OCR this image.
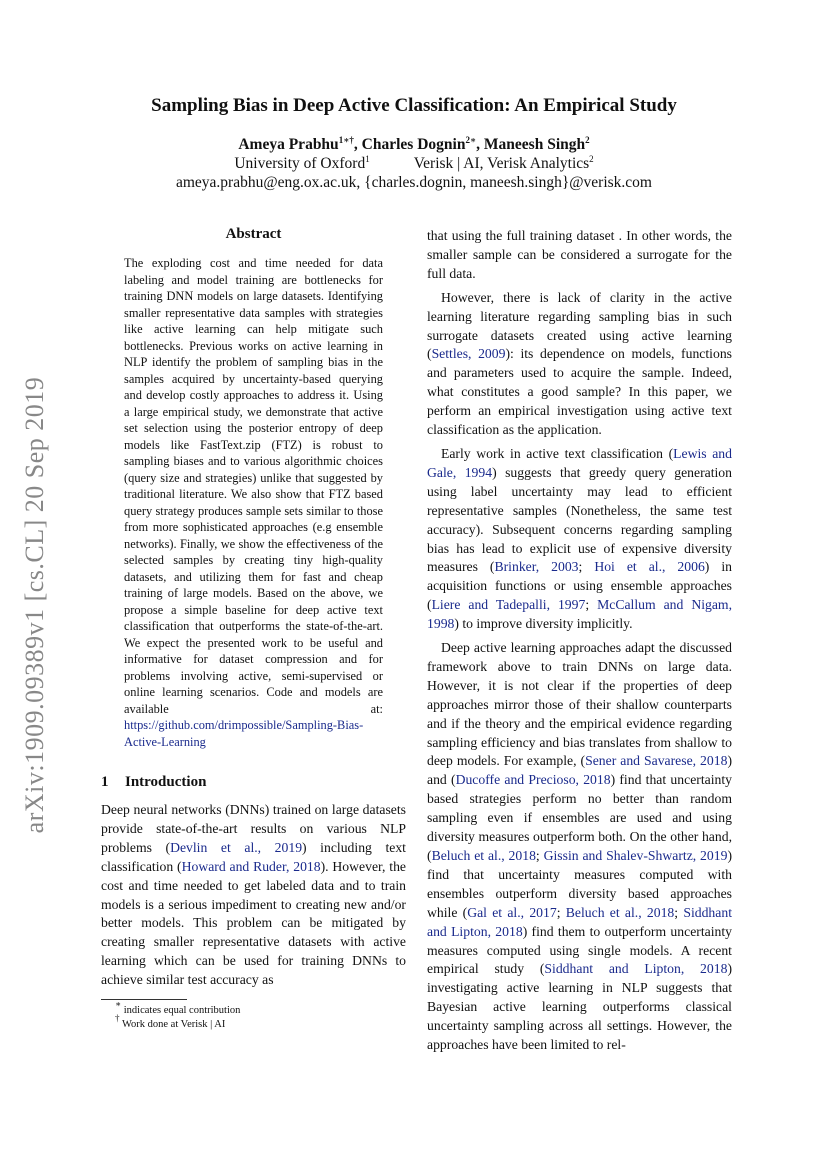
arXiv:1909.09389v1 [cs.CL] 20 Sep 2019
Sampling Bias in Deep Active Classification: An Empirical Study
Ameya Prabhu$^{1∗\dagger}$, Charles Dognin$^{2∗}$, Maneesh Singh$^2$
University of Oxford$^1$	Verisk | AI, Verisk Analytics$^2$
ameya.prabhu@eng.ox.ac.uk, {charles.dognin, maneesh.singh}@verisk.com
Abstract

The exploding cost and time needed for data labeling and model training are bottlenecks for training DNN models on large datasets. Identifying smaller representative data samples with strategies like active learning can help mitigate such bottlenecks. Previous works on active learning in NLP identify the problem of sampling bias in the samples acquired by uncertainty-based querying and develop costly approaches to address it. Using a large empirical study, we demonstrate that active set selection using the posterior entropy of deep models like FastText.zip (FTZ) is robust to sampling biases and to various algorithmic choices (query size and strategies) unlike that suggested by traditional literature. We also show that FTZ based query strategy produces sample sets similar to those from more sophisticated approaches (e.g ensemble networks). Finally, we show the effectiveness of the selected samples by creating tiny high-quality datasets, and utilizing them for fast and cheap training of large models. Based on the above, we propose a simple baseline for deep active text classification that outperforms the state-of-the-art. We expect the presented work to be useful and informative for dataset compression and for problems involving active, semi-supervised or online learning scenarios. Code and models are available at: https://github.com/drimpossible/Sampling-Bias-Active-Learning

1 Introduction

Deep neural networks (DNNs) trained on large datasets provide state-of-the-art results on various NLP problems (Devlin et al., 2019) including text classification (Howard and Ruder, 2018). However, the cost and time needed to get labeled data and to train models is a serious impediment to creating new and/or better models. This problem can be mitigated by creating smaller representative datasets with active learning which can be used for training DNNs to achieve similar test accuracy as

∗ indicates equal contribution
† Work done at Verisk | AI

that using the full training dataset . In other words, the smaller sample can be considered a surrogate for the full data.

However, there is lack of clarity in the active learning literature regarding sampling bias in such surrogate datasets created using active learning (Settles, 2009): its dependence on models, functions and parameters used to acquire the sample. Indeed, what constitutes a good sample? In this paper, we perform an empirical investigation using active text classification as the application.

Early work in active text classification (Lewis and Gale, 1994) suggests that greedy query generation using label uncertainty may lead to efficient representative samples (Nonetheless, the same test accuracy). Subsequent concerns regarding sampling bias has lead to explicit use of expensive diversity measures (Brinker, 2003; Hoi et al., 2006) in acquisition functions or using ensemble approaches (Liere and Tadepalli, 1997; McCallum and Nigam, 1998) to improve diversity implicitly.

Deep active learning approaches adapt the discussed framework above to train DNNs on large data. However, it is not clear if the properties of deep approaches mirror those of their shallow counterparts and if the theory and the empirical evidence regarding sampling efficiency and bias translates from shallow to deep models. For example, (Sener and Savarese, 2018) and (Ducoffe and Precioso, 2018) find that uncertainty based strategies perform no better than random sampling even if ensembles are used and using diversity measures outperform both. On the other hand, (Beluch et al., 2018; Gissin and Shalev-Shwartz, 2019) find that uncertainty measures computed with ensembles outperform diversity based approaches while (Gal et al., 2017; Beluch et al., 2018; Siddhant and Lipton, 2018) find them to outperform uncertainty measures computed using single models. A recent empirical study (Siddhant and Lipton, 2018) investigating active learning in NLP suggests that Bayesian active learning outperforms classical uncertainty sampling across all settings. However, the approaches have been limited to rel-
